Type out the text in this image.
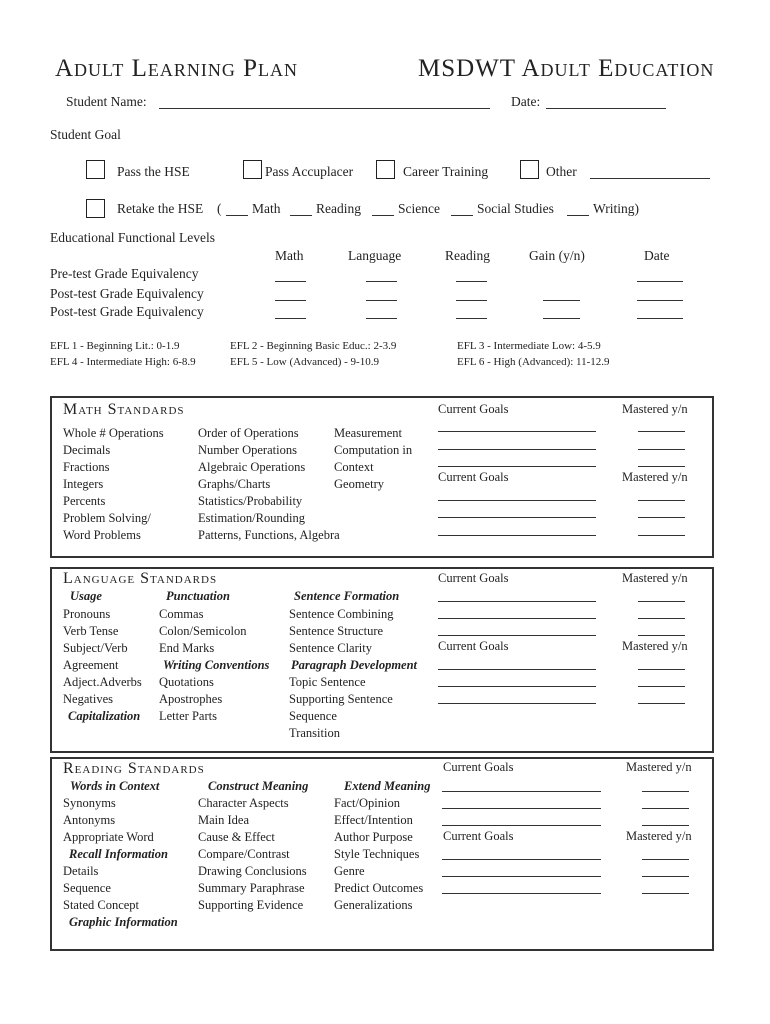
Adult Learning Plan	MSDWT Adult Education
Student Name:	Date:
Student Goal
Pass the HSE	Pass Accuplacer	Career Training	Other
Retake the HSE ( Math	Reading	Science	Social Studies	Writing)
Educational Functional Levels
Math	Language	Reading	Gain (y/n)	Date
Pre-test Grade Equivalency
Post-test Grade Equivalency
Post-test Grade Equivalency
EFL 1 - Beginning Lit.: 0-1.9	EFL 2 - Beginning Basic Educ.: 2-3.9	EFL 3 - Intermediate Low: 4-5.9
EFL 4 - Intermediate High: 6-8.9	EFL 5 - Low (Advanced) - 9-10.9	EFL 6 - High (Advanced): 11-12.9
Math Standards
Whole # Operations
Decimals
Fractions
Integers
Percents
Problem Solving/
Word Problems
Order of Operations
Number Operations
Algebraic Operations
Graphs/Charts
Statistics/Probability
Estimation/Rounding
Patterns, Functions, Algebra
Measurement
Computation in
Context
Geometry
Current Goals	Mastered y/n
Current Goals	Mastered y/n
Language Standards
Usage
Pronouns
Verb Tense
Subject/Verb
Agreement
Adject.Adverbs
Negatives
Capitalization
Punctuation
Commas
Colon/Semicolon
End Marks
Writing Conventions
Quotations
Apostrophes
Letter Parts
Sentence Formation
Sentence Combining
Sentence Structure
Sentence Clarity
Paragraph Development
Topic Sentence
Supporting Sentence
Sequence
Transition
Current Goals	Mastered y/n
Current Goals	Mastered y/n
Reading Standards
Words in Context
Synonyms
Antonyms
Appropriate Word
Recall Information
Details
Sequence
Stated Concept
Graphic Information
Construct Meaning
Character Aspects
Main Idea
Cause & Effect
Compare/Contrast
Drawing Conclusions
Summary Paraphrase
Supporting Evidence
Extend Meaning
Fact/Opinion
Effect/Intention
Author Purpose
Style Techniques
Genre
Predict Outcomes
Generalizations
Current Goals	Mastered y/n
Current Goals	Mastered y/n
